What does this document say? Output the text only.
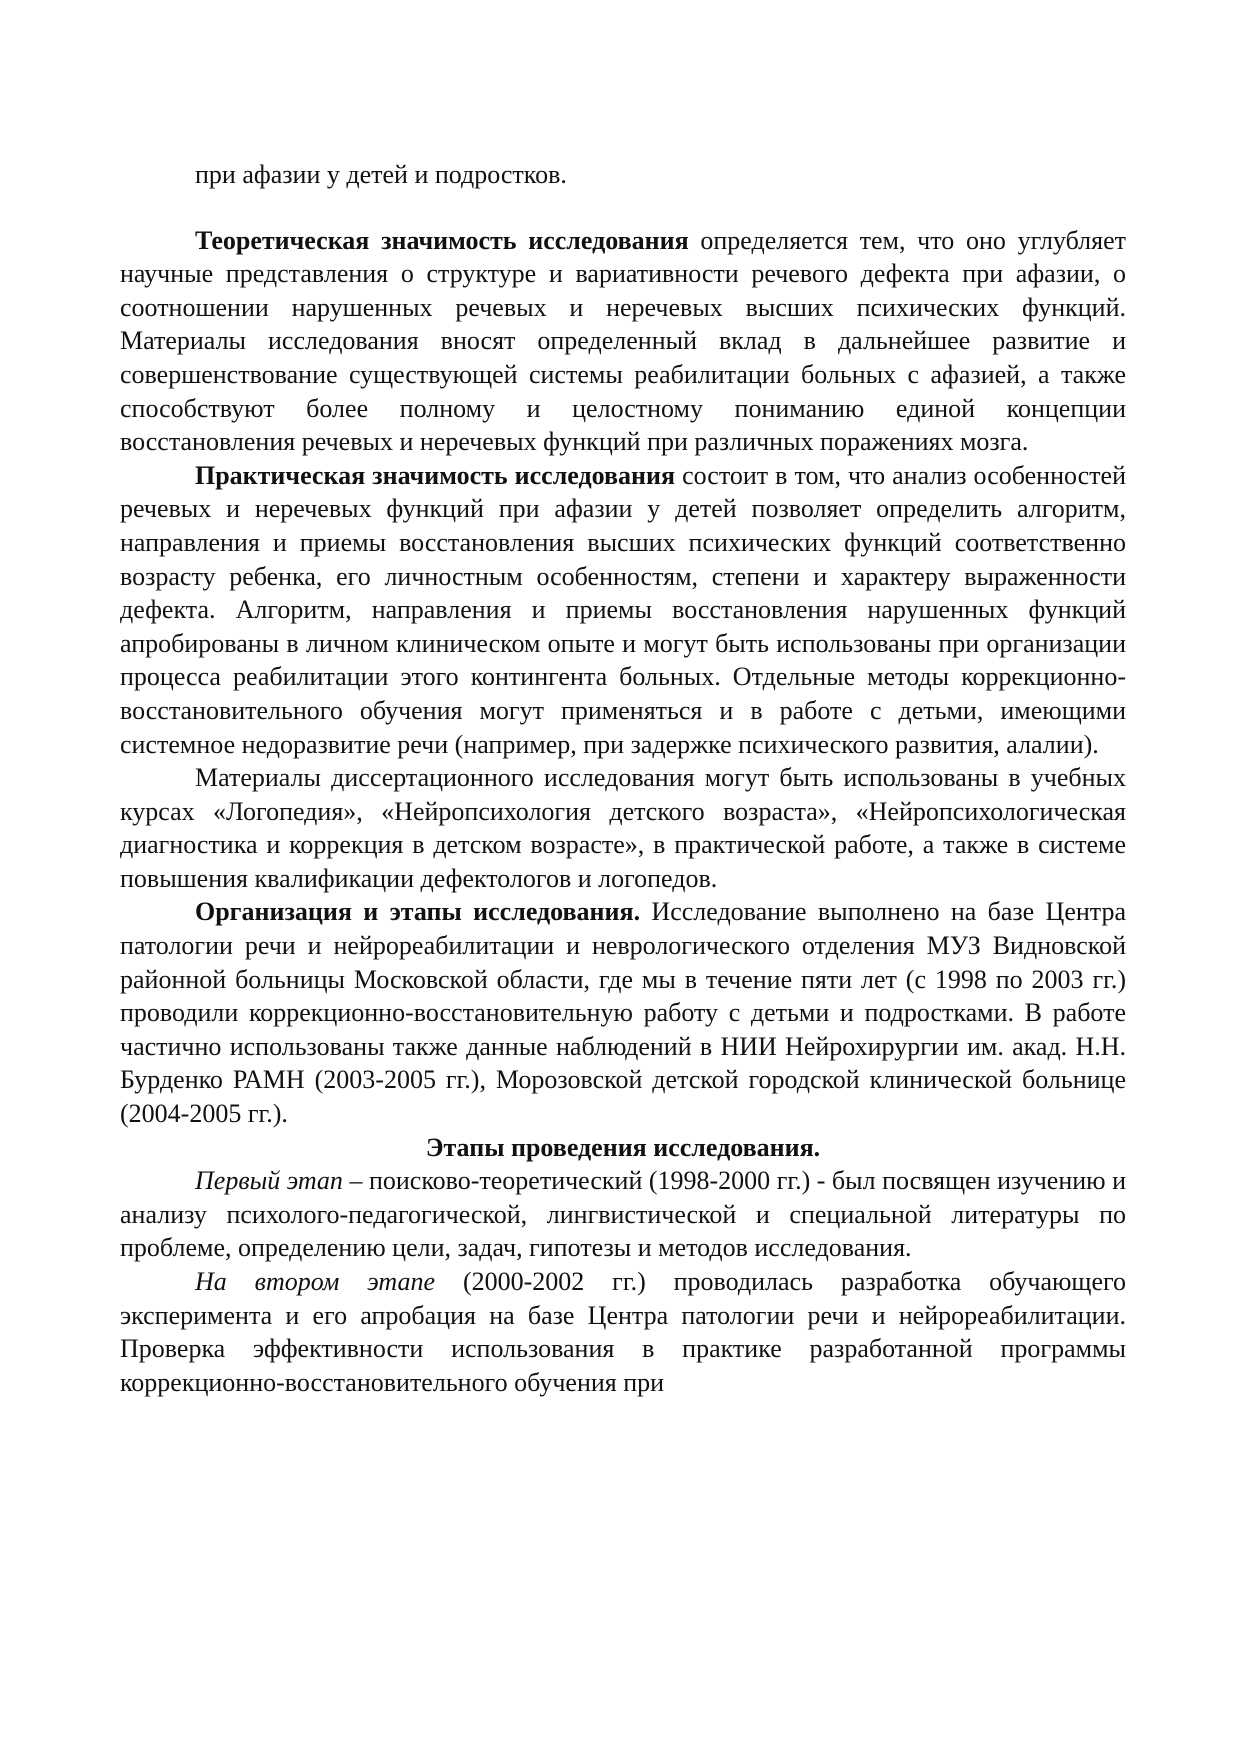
при афазии у детей и подростков.

Теоретическая значимость исследования определяется тем, что оно углубляет научные представления о структуре и вариативности речевого дефекта при афазии, о соотношении нарушенных речевых и неречевых высших психических функций. Материалы исследования вносят определенный вклад в дальнейшее развитие и совершенствование существующей системы реабилитации больных с афазией, а также способствуют более полному и целостному пониманию единой концепции восстановления речевых и неречевых функций при различных поражениях мозга.

Практическая значимость исследования состоит в том, что анализ особенностей речевых и неречевых функций при афазии у детей позволяет определить алгоритм, направления и приемы восстановления высших психических функций соответственно возрасту ребенка, его личностным особенностям, степени и характеру выраженности дефекта. Алгоритм, направления и приемы восстановления нарушенных функций апробированы в личном клиническом опыте и могут быть использованы при организации процесса реабилитации этого контингента больных. Отдельные методы коррекционно-восстановительного обучения могут применяться и в работе с детьми, имеющими системное недоразвитие речи (например, при задержке психического развития, алалии).

Материалы диссертационного исследования могут быть использованы в учебных курсах «Логопедия», «Нейропсихология детского возраста», «Нейропсихологическая диагностика и коррекция в детском возрасте», в практической работе, а также в системе повышения квалификации дефектологов и логопедов.

Организация и этапы исследования. Исследование выполнено на базе Центра патологии речи и нейрореабилитации и неврологического отделения МУЗ Видновской районной больницы Московской области, где мы в течение пяти лет (с 1998 по 2003 гг.) проводили коррекционно-восстановительную работу с детьми и подростками. В работе частично использованы также данные наблюдений в НИИ Нейрохирургии им. акад. Н.Н. Бурденко РАМН (2003-2005 гг.), Морозовской детской городской клинической больнице (2004-2005 гг.).

Этапы проведения исследования.

Первый этап – поисково-теоретический (1998-2000 гг.) - был посвящен изучению и анализу психолого-педагогической, лингвистической и специальной литературы по проблеме, определению цели, задач, гипотезы и методов исследования.

На втором этапе (2000-2002 гг.) проводилась разработка обучающего эксперимента и его апробация на базе Центра патологии речи и нейрореабилитации. Проверка эффективности использования в практике разработанной программы коррекционно-восстановительного обучения при
